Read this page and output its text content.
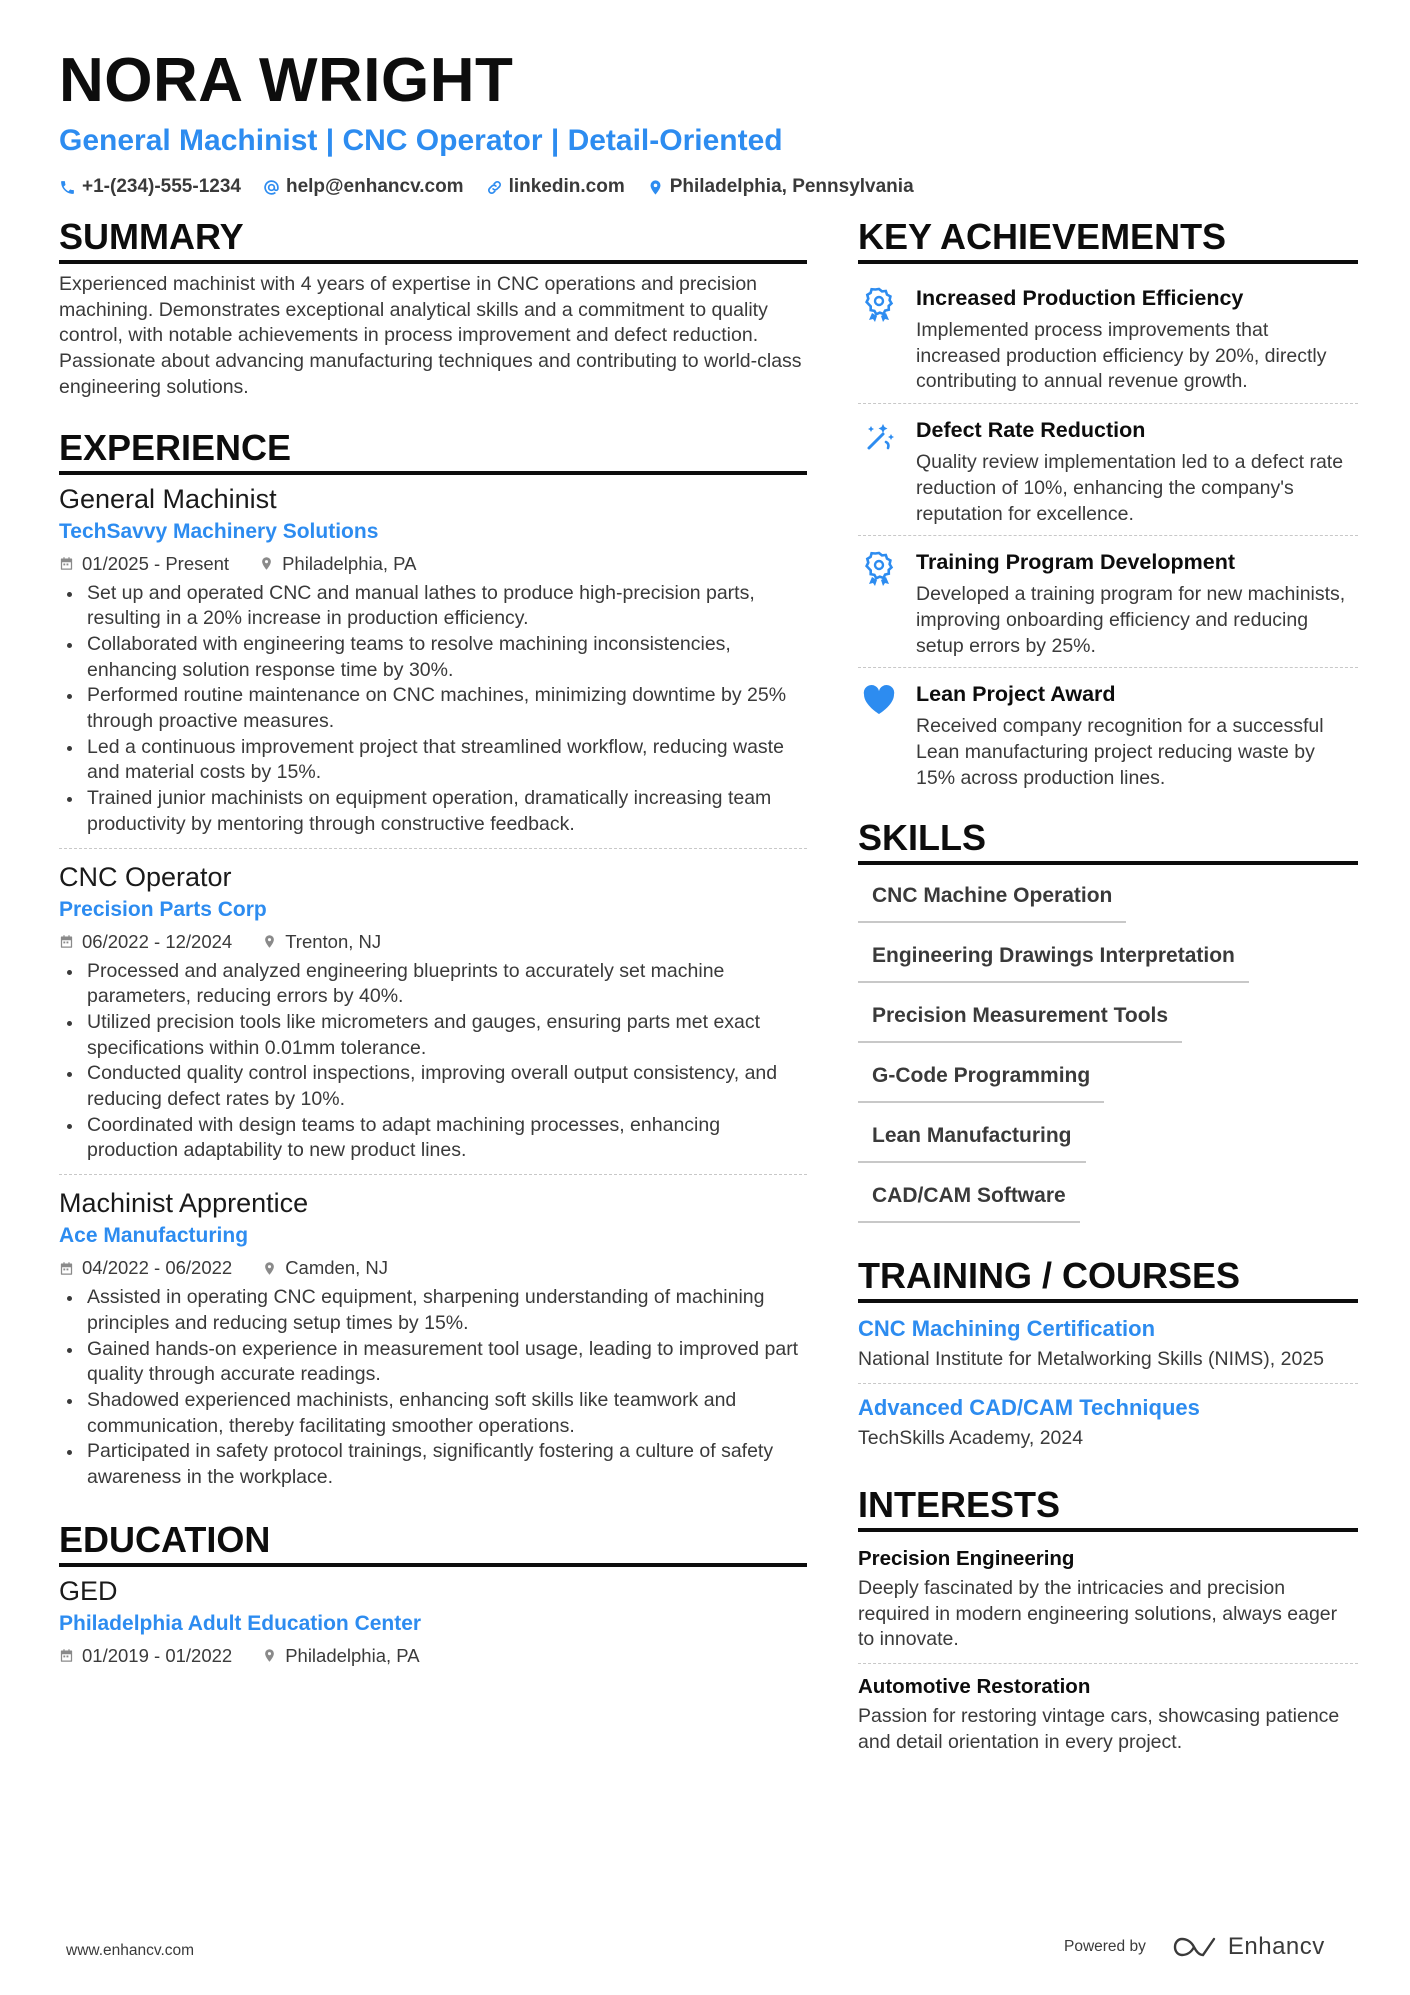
NORA WRIGHT
General Machinist | CNC Operator | Detail-Oriented
+1-(234)-555-1234 help@enhancv.com linkedin.com Philadelphia, Pennsylvania
SUMMARY
Experienced machinist with 4 years of expertise in CNC operations and precision machining. Demonstrates exceptional analytical skills and a commitment to quality control, with notable achievements in process improvement and defect reduction. Passionate about advancing manufacturing techniques and contributing to world-class engineering solutions.
EXPERIENCE
General Machinist
TechSavvy Machinery Solutions
01/2025 - Present	Philadelphia, PA
Set up and operated CNC and manual lathes to produce high-precision parts, resulting in a 20% increase in production efficiency.
Collaborated with engineering teams to resolve machining inconsistencies, enhancing solution response time by 30%.
Performed routine maintenance on CNC machines, minimizing downtime by 25% through proactive measures.
Led a continuous improvement project that streamlined workflow, reducing waste and material costs by 15%.
Trained junior machinists on equipment operation, dramatically increasing team productivity by mentoring through constructive feedback.
CNC Operator
Precision Parts Corp
06/2022 - 12/2024	Trenton, NJ
Processed and analyzed engineering blueprints to accurately set machine parameters, reducing errors by 40%.
Utilized precision tools like micrometers and gauges, ensuring parts met exact specifications within 0.01mm tolerance.
Conducted quality control inspections, improving overall output consistency, and reducing defect rates by 10%.
Coordinated with design teams to adapt machining processes, enhancing production adaptability to new product lines.
Machinist Apprentice
Ace Manufacturing
04/2022 - 06/2022	Camden, NJ
Assisted in operating CNC equipment, sharpening understanding of machining principles and reducing setup times by 15%.
Gained hands-on experience in measurement tool usage, leading to improved part quality through accurate readings.
Shadowed experienced machinists, enhancing soft skills like teamwork and communication, thereby facilitating smoother operations.
Participated in safety protocol trainings, significantly fostering a culture of safety awareness in the workplace.
EDUCATION
GED
Philadelphia Adult Education Center
01/2019 - 01/2022	Philadelphia, PA
KEY ACHIEVEMENTS
Increased Production Efficiency
Implemented process improvements that increased production efficiency by 20%, directly contributing to annual revenue growth.
Defect Rate Reduction
Quality review implementation led to a defect rate reduction of 10%, enhancing the company's reputation for excellence.
Training Program Development
Developed a training program for new machinists, improving onboarding efficiency and reducing setup errors by 25%.
Lean Project Award
Received company recognition for a successful Lean manufacturing project reducing waste by 15% across production lines.
SKILLS
CNC Machine Operation
Engineering Drawings Interpretation
Precision Measurement Tools
G-Code Programming
Lean Manufacturing
CAD/CAM Software
TRAINING / COURSES
CNC Machining Certification
National Institute for Metalworking Skills (NIMS), 2025
Advanced CAD/CAM Techniques
TechSkills Academy, 2024
INTERESTS
Precision Engineering
Deeply fascinated by the intricacies and precision required in modern engineering solutions, always eager to innovate.
Automotive Restoration
Passion for restoring vintage cars, showcasing patience and detail orientation in every project.
www.enhancv.com	Powered by	Enhancv
